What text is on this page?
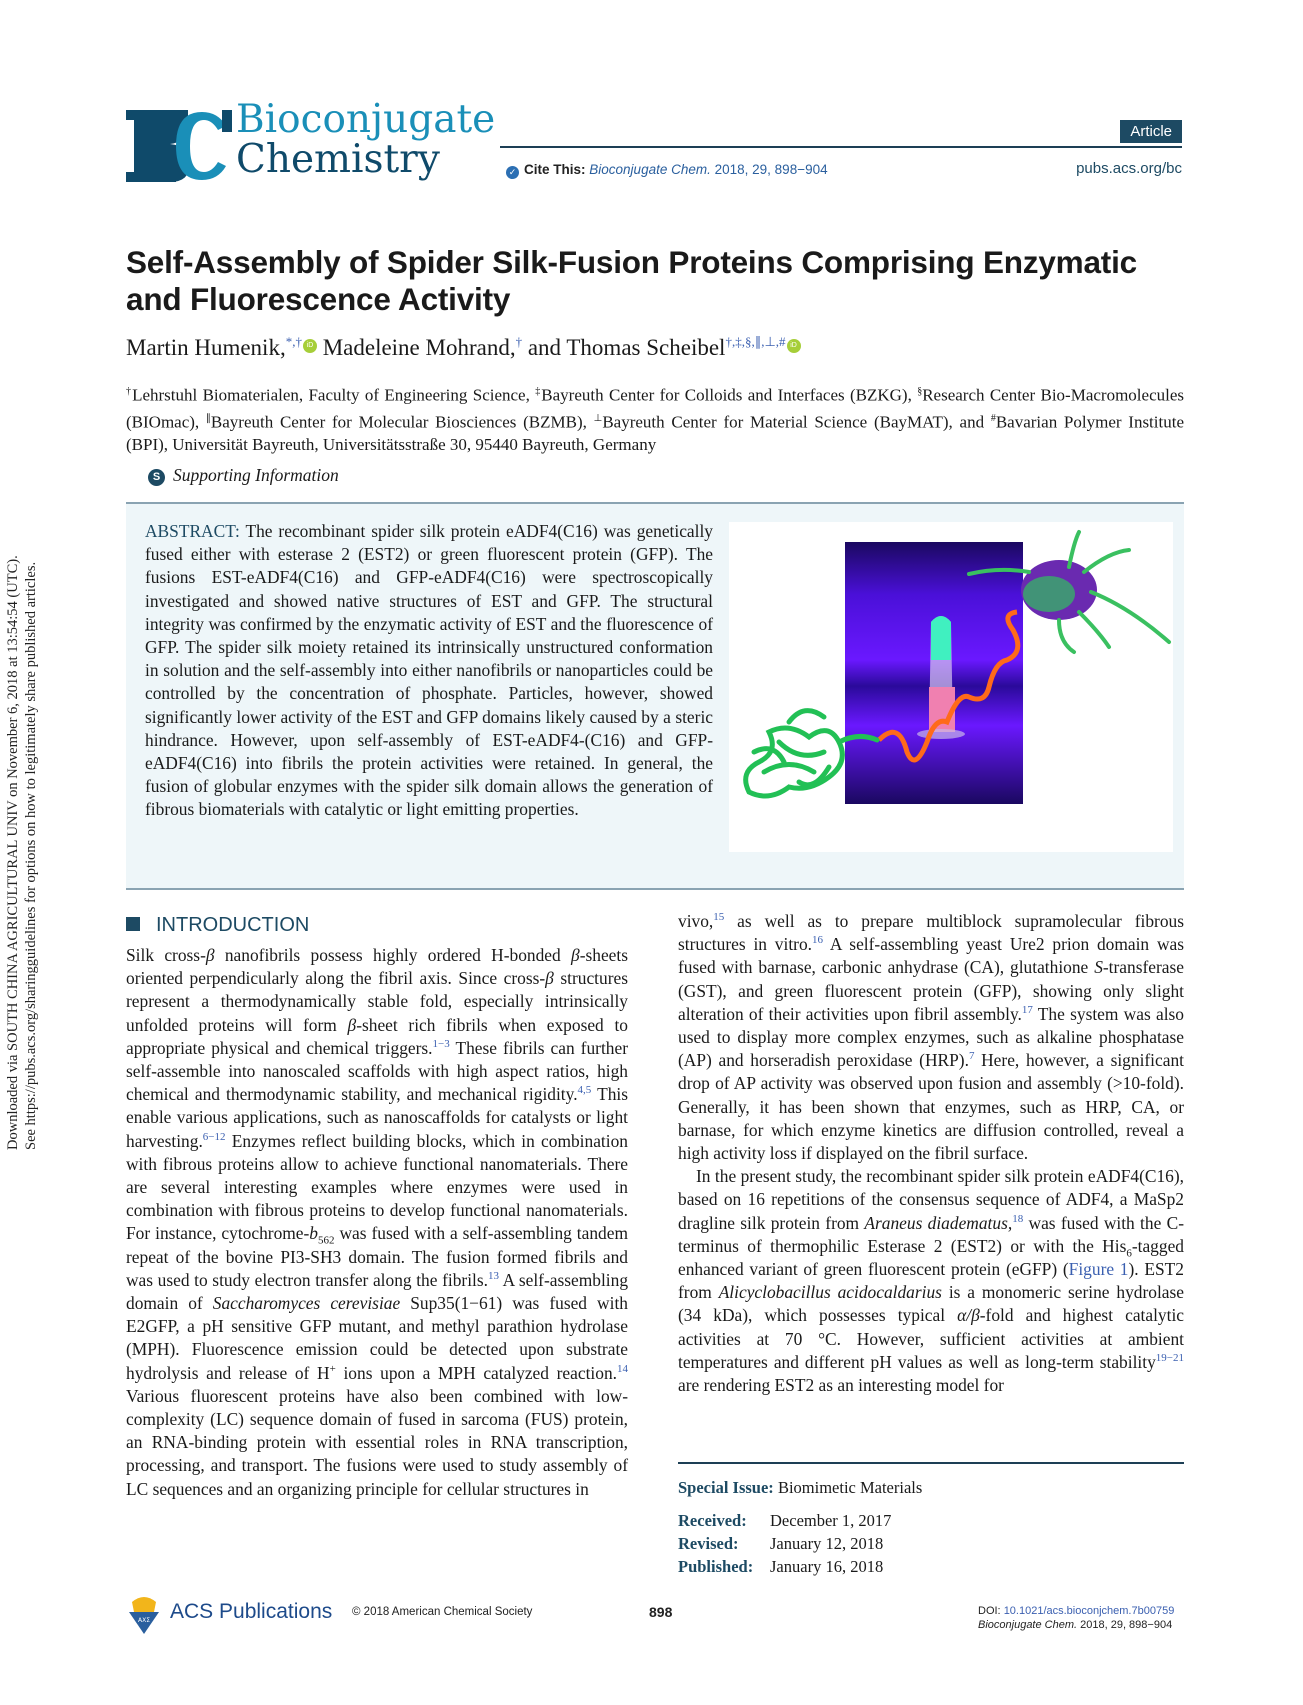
Downloaded via SOUTH CHINA AGRICULTURAL UNIV on November 6, 2018 at 13:54:54 (UTC). See https://pubs.acs.org/sharingguidelines for options on how to legitimately share published articles.
Bioconjugate
Chemistry
Article
✓ Cite This: Bioconjugate Chem. 2018, 29, 898−904	pubs.acs.org/bc
Self-Assembly of Spider Silk-Fusion Proteins Comprising Enzymatic and Fluorescence Activity
Martin Humenik,*,† iD Madeleine Mohrand,† and Thomas Scheibel†,‡,§,∥,⊥,# iD
†Lehrstuhl Biomaterialen, Faculty of Engineering Science, ‡Bayreuth Center for Colloids and Interfaces (BZKG), §Research Center Bio-Macromolecules (BIOmac), ∥Bayreuth Center for Molecular Biosciences (BZMB), ⊥Bayreuth Center for Material Science (BayMAT), and #Bavarian Polymer Institute (BPI), Universität Bayreuth, Universitätsstraße 30, 95440 Bayreuth, Germany
S Supporting Information
ABSTRACT: The recombinant spider silk protein eADF4(C16) was genetically fused either with esterase 2 (EST2) or green fluorescent protein (GFP). The fusions EST-eADF4(C16) and GFP-eADF4(C16) were spectroscopically investigated and showed native structures of EST and GFP. The structural integrity was confirmed by the enzymatic activity of EST and the fluorescence of GFP. The spider silk moiety retained its intrinsically unstructured conformation in solution and the self-assembly into either nanofibrils or nanoparticles could be controlled by the concentration of phosphate. Particles, however, showed significantly lower activity of the EST and GFP domains likely caused by a steric hindrance. However, upon self-assembly of EST-eADF4-(C16) and GFP-eADF4(C16) into fibrils the protein activities were retained. In general, the fusion of globular enzymes with the spider silk domain allows the generation of fibrous biomaterials with catalytic or light emitting properties.
INTRODUCTION
Silk cross-β nanofibrils possess highly ordered H-bonded β-sheets oriented perpendicularly along the fibril axis. Since cross-β structures represent a thermodynamically stable fold, especially intrinsically unfolded proteins will form β-sheet rich fibrils when exposed to appropriate physical and chemical triggers.$^{1-3}$ These fibrils can further self-assemble into nanoscaled scaffolds with high aspect ratios, high chemical and thermodynamic stability, and mechanical rigidity.$^{4,5}$ This enable various applications, such as nanoscaffolds for catalysts or light harvesting.$^{6-12}$ Enzymes reflect building blocks, which in combination with fibrous proteins allow to achieve functional nanomaterials. There are several interesting examples where enzymes were used in combination with fibrous proteins to develop functional nanomaterials. For instance, cytochrome-$b_{562}$ was fused with a self-assembling tandem repeat of the bovine PI3-SH3 domain. The fusion formed fibrils and was used to study electron transfer along the fibrils.$^{13}$ A self-assembling domain of Saccharomyces cerevisiae Sup35(1−61) was fused with E2GFP, a pH sensitive GFP mutant, and methyl parathion hydrolase (MPH). Fluorescence emission could be detected upon substrate hydrolysis and release of H+ ions upon a MPH catalyzed reaction.$^{14}$ Various fluorescent proteins have also been combined with low-complexity (LC) sequence domain of fused in sarcoma (FUS) protein, an RNA-binding protein with essential roles in RNA transcription, processing, and transport. The fusions were used to study assembly of LC sequences and an organizing principle for cellular structures in
vivo,$^{15}$ as well as to prepare multiblock supramolecular fibrous structures in vitro.$^{16}$ A self-assembling yeast Ure2 prion domain was fused with barnase, carbonic anhydrase (CA), glutathione S-transferase (GST), and green fluorescent protein (GFP), showing only slight alteration of their activities upon fibril assembly.$^{17}$ The system was also used to display more complex enzymes, such as alkaline phosphatase (AP) and horseradish peroxidase (HRP).$^7$ Here, however, a significant drop of AP activity was observed upon fusion and assembly (>10-fold). Generally, it has been shown that enzymes, such as HRP, CA, or barnase, for which enzyme kinetics are diffusion controlled, reveal a high activity loss if displayed on the fibril surface.
In the present study, the recombinant spider silk protein eADF4(C16), based on 16 repetitions of the consensus sequence of ADF4, a MaSp2 dragline silk protein from Araneus diadematus,$^{18}$ was fused with the C-terminus of thermophilic Esterase 2 (EST2) or with the His$_6$-tagged enhanced variant of green fluorescent protein (eGFP) (Figure 1). EST2 from Alicyclobacillus acidocaldarius is a monomeric serine hydrolase (34 kDa), which possesses typical α/β-fold and highest catalytic activities at 70 °C. However, sufficient activities at ambient temperatures and different pH values as well as long-term stability$^{19-21}$ are rendering EST2 as an interesting model for
Special Issue: Biomimetic Materials
Received:	December 1, 2017
Revised:	January 12, 2018
Published:	January 16, 2018
ΑΧΣ ACS Publications © 2018 American Chemical Society	898	DOI: 10.1021/acs.bioconjchem.7b00759
Bioconjugate Chem. 2018, 29, 898−904
